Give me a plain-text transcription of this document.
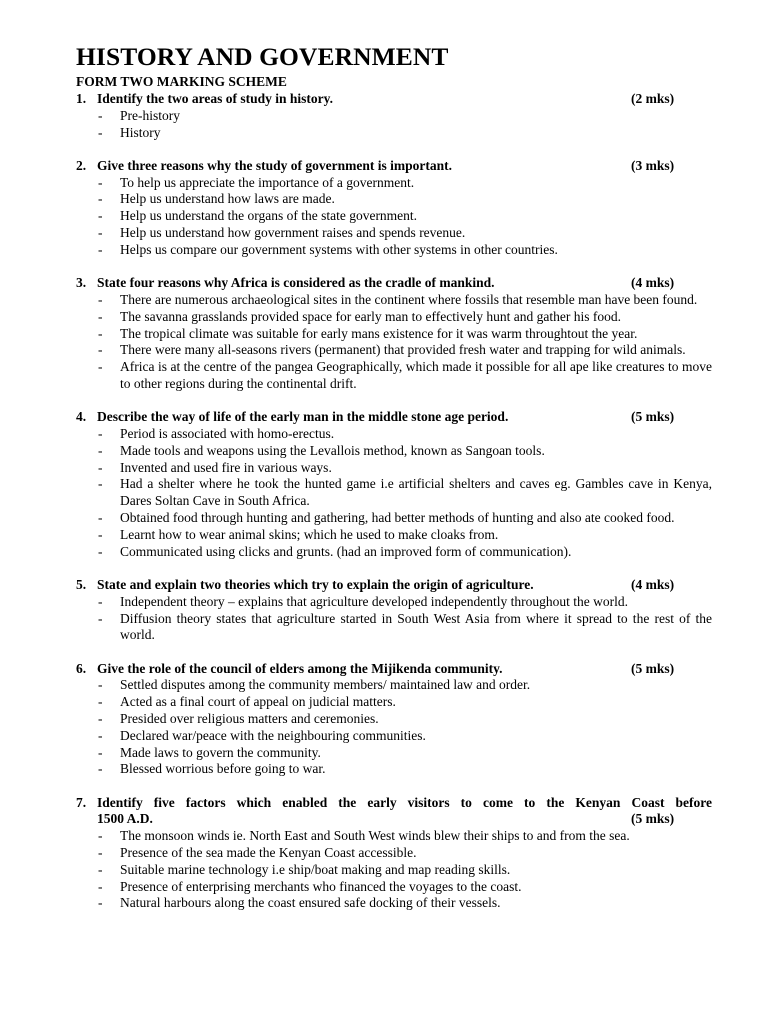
HISTORY AND GOVERNMENT
FORM TWO MARKING SCHEME
1. Identify the two areas of study in history.	(2 mks)
- Pre-history
- History
2. Give three reasons why the study of government is important.	(3 mks)
- To help us appreciate the importance of a government.
- Help us understand how laws are made.
- Help us understand the organs of the state government.
- Help us understand how government raises and spends revenue.
- Helps us compare our government systems with other systems in other countries.
3. State four reasons why Africa is considered as the cradle of mankind.	(4 mks)
- There are numerous archaeological sites in the continent where fossils that resemble man have been found.
- The savanna grasslands provided space for early man to effectively hunt and gather his food.
- The tropical climate was suitable for early mans existence for it was warm throughtout the year.
- There were many all-seasons rivers (permanent) that provided fresh water and trapping for wild animals.
- Africa is at the centre of the pangea Geographically, which made it possible for all ape like creatures to move to other regions during the continental drift.
4. Describe the way of life of the early man in the middle stone age period.	(5 mks)
- Period is associated with homo-erectus.
- Made tools and weapons using the Levallois method, known as Sangoan tools.
- Invented and used fire in various ways.
- Had a shelter where he took the hunted game i.e artificial shelters and caves eg. Gambles cave in Kenya, Dares Soltan Cave in South Africa.
- Obtained food through hunting and gathering, had better methods of hunting and also ate cooked food.
- Learnt how to wear animal skins; which he used to make cloaks from.
- Communicated using clicks and grunts. (had an improved form of communication).
5. State and explain two theories which try to explain the origin of agriculture.	(4 mks)
- Independent theory – explains that agriculture developed independently throughout the world.
- Diffusion theory states that agriculture started in South West Asia from where it spread to the rest of the world.
6. Give the role of the council of elders among the Mijikenda community.	(5 mks)
- Settled disputes among the community members/ maintained law and order.
- Acted as a final court of appeal on judicial matters.
- Presided over religious matters and ceremonies.
- Declared war/peace with the neighbouring communities.
- Made laws to govern the community.
- Blessed worrious before going to war.
7. Identify five factors which enabled the early visitors to come to the Kenyan Coast before
1500 A.D.	(5 mks)
- The monsoon winds ie. North East and South West winds blew their ships to and from the sea.
- Presence of the sea made the Kenyan Coast accessible.
- Suitable marine technology i.e ship/boat making and map reading skills.
- Presence of enterprising merchants who financed the voyages to the coast.
- Natural harbours along the coast ensured safe docking of their vessels.
